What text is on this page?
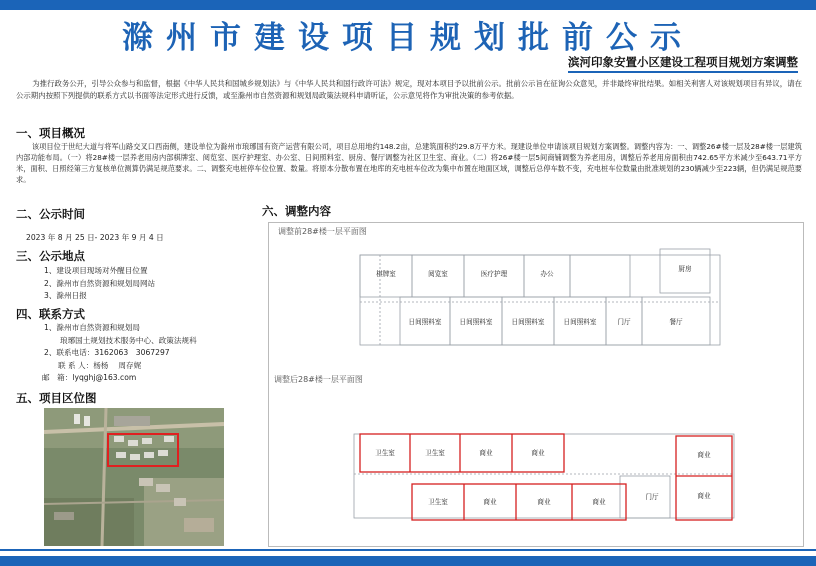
滁州市建设项目规划批前公示
滨河印象安置小区建设工程项目规划方案调整
为推行政务公开，引导公众参与和监督，根据《中华人民共和国城乡规划法》与《中华人民共和国行政许可法》规定，现对本项目予以批前公示。批前公示旨在征询公众意见，并非最终审批结果。如相关利害人对该规划项目有异议，请在公示期内按照下列提供的联系方式以书面等法定形式进行反馈，或至滁州市自然资源和规划局政策法规科申请听证，公示意见将作为审批决策的参考依据。
一、项目概况
该项目位于世纪大道与将军山路交叉口西南侧，建设单位为滁州市琅琊国有资产运营有限公司，项目总用地约148.2亩，总建筑面积约29.8万平方米。现建设单位申请该项目规划方案调整。调整内容为：一、调整26#楼一层及28#楼一层建筑内部功能布局。（一）将28#楼一层养老用房内部棋牌室、阅览室、医疗护理室、办公室、日间照料室、厨房、餐厅调整为社区卫生室、商业。（二）将26#楼一层5间商铺调整为养老用房，调整后养老用房面积由742.65平方米减少至643.71平方米，面积、日照经第三方复核单位测算仍满足规范要求。二、调整充电桩停车位位置、数量。将原本分散布置在地库的充电桩车位改为集中布置在地面区域，调整后总停车数不变，充电桩车位数量由批准规划的230辆减少至223辆，但仍满足规范要求。
二、公示时间
2023 年 8 月 25 日- 2023 年 9 月 4 日
三、公示地点
1、建设项目现场对外醒目位置
2、滁州市自然资源和规划局网站
3、滁州日报
四、联系方式
1、滁州市自然资源和规划局
琅琊国土规划技术服务中心、政策法规科
2、联系电话：3162063　3067297
联 系 人：杨杨　 周存娓
邮　箱：lyqghj@163.com
五、项目区位图
六、调整内容
调整前28#楼一层平面图
调整后28#楼一层平面图
棋牌室	阅览室	医疗护理	办公
厨房
日间照料室	日间照料室	日间照料室	日间照料室	门厅	餐厅
卫生室	卫生室	商业	商业	商业
卫生室	商业	商业	商业
门厅	商业
